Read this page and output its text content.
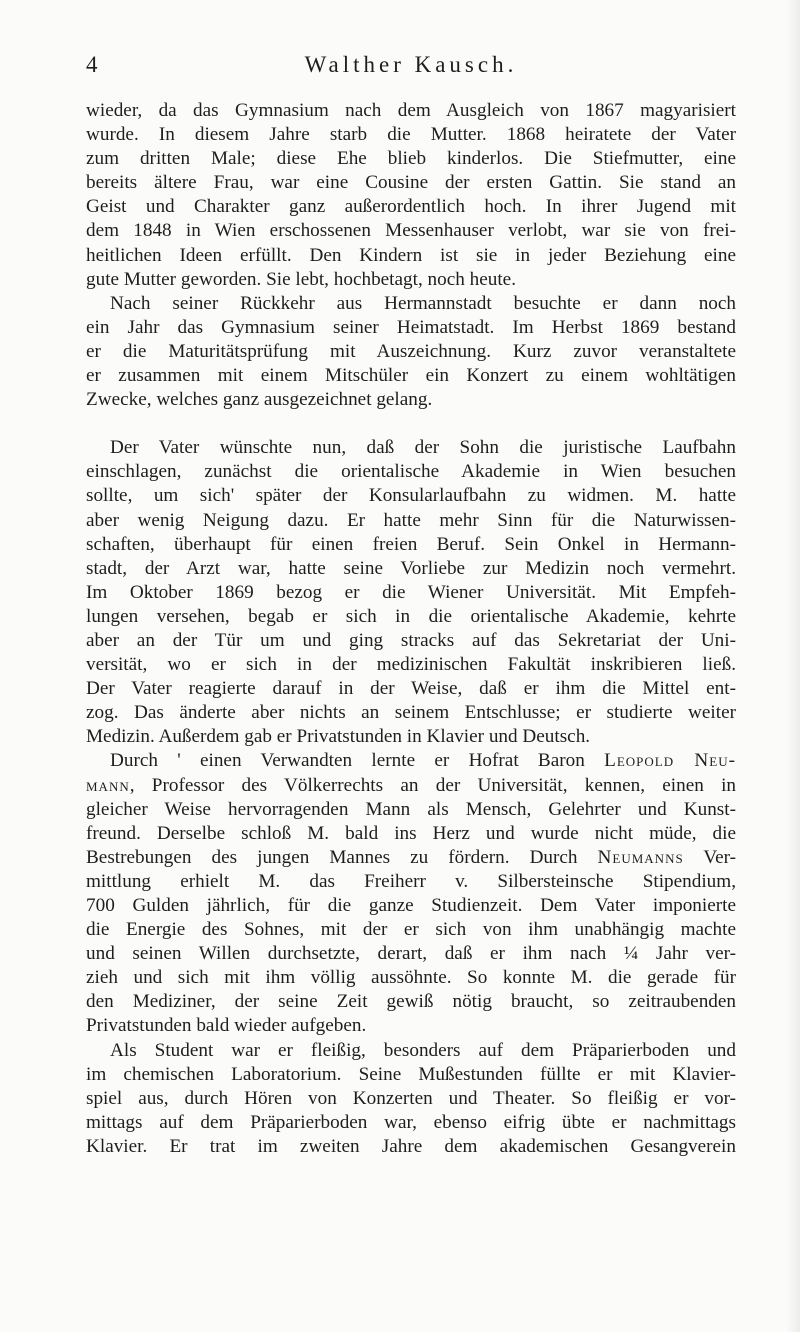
4	Walther Kausch.
wieder, da das Gymnasium nach dem Ausgleich von 1867 magyarisiert
wurde. In diesem Jahre starb die Mutter. 1868 heiratete der Vater
zum dritten Male; diese Ehe blieb kinderlos. Die Stiefmutter, eine
bereits ältere Frau, war eine Cousine der ersten Gattin. Sie stand an
Geist und Charakter ganz außerordentlich hoch. In ihrer Jugend mit
dem 1848 in Wien erschossenen Messenhauser verlobt, war sie von frei-
heitlichen Ideen erfüllt. Den Kindern ist sie in jeder Beziehung eine
gute Mutter geworden. Sie lebt, hochbetagt, noch heute.
Nach seiner Rückkehr aus Hermannstadt besuchte er dann noch
ein Jahr das Gymnasium seiner Heimatstadt. Im Herbst 1869 bestand
er die Maturitätsprüfung mit Auszeichnung. Kurz zuvor veranstaltete
er zusammen mit einem Mitschüler ein Konzert zu einem wohltätigen
Zwecke, welches ganz ausgezeichnet gelang.
Der Vater wünschte nun, daß der Sohn die juristische Laufbahn
einschlagen, zunächst die orientalische Akademie in Wien besuchen
sollte, um sich' später der Konsularlaufbahn zu widmen. M. hatte
aber wenig Neigung dazu. Er hatte mehr Sinn für die Naturwissen-
schaften, überhaupt für einen freien Beruf. Sein Onkel in Hermann-
stadt, der Arzt war, hatte seine Vorliebe zur Medizin noch vermehrt.
Im Oktober 1869 bezog er die Wiener Universität. Mit Empfeh-
lungen versehen, begab er sich in die orientalische Akademie, kehrte
aber an der Tür um und ging stracks auf das Sekretariat der Uni-
versität, wo er sich in der medizinischen Fakultät inskribieren ließ.
Der Vater reagierte darauf in der Weise, daß er ihm die Mittel ent-
zog. Das änderte aber nichts an seinem Entschlusse; er studierte weiter
Medizin. Außerdem gab er Privatstunden in Klavier und Deutsch.
Durch ' einen Verwandten lernte er Hofrat Baron Leopold Neu-
mann, Professor des Völkerrechts an der Universität, kennen, einen in
gleicher Weise hervorragenden Mann als Mensch, Gelehrter und Kunst-
freund. Derselbe schloß M. bald ins Herz und wurde nicht müde, die
Bestrebungen des jungen Mannes zu fördern. Durch Neumanns Ver-
mittlung erhielt M. das Freiherr v. Silbersteinsche Stipendium,
700 Gulden jährlich, für die ganze Studienzeit. Dem Vater imponierte
die Energie des Sohnes, mit der er sich von ihm unabhängig machte
und seinen Willen durchsetzte, derart, daß er ihm nach ¼ Jahr ver-
zieh und sich mit ihm völlig aussöhnte. So konnte M. die gerade für
den Mediziner, der seine Zeit gewiß nötig braucht, so zeitraubenden
Privatstunden bald wieder aufgeben.
Als Student war er fleißig, besonders auf dem Präparierboden und
im chemischen Laboratorium. Seine Mußestunden füllte er mit Klavier-
spiel aus, durch Hören von Konzerten und Theater. So fleißig er vor-
mittags auf dem Präparierboden war, ebenso eifrig übte er nachmittags
Klavier. Er trat im zweiten Jahre dem akademischen Gesangverein
